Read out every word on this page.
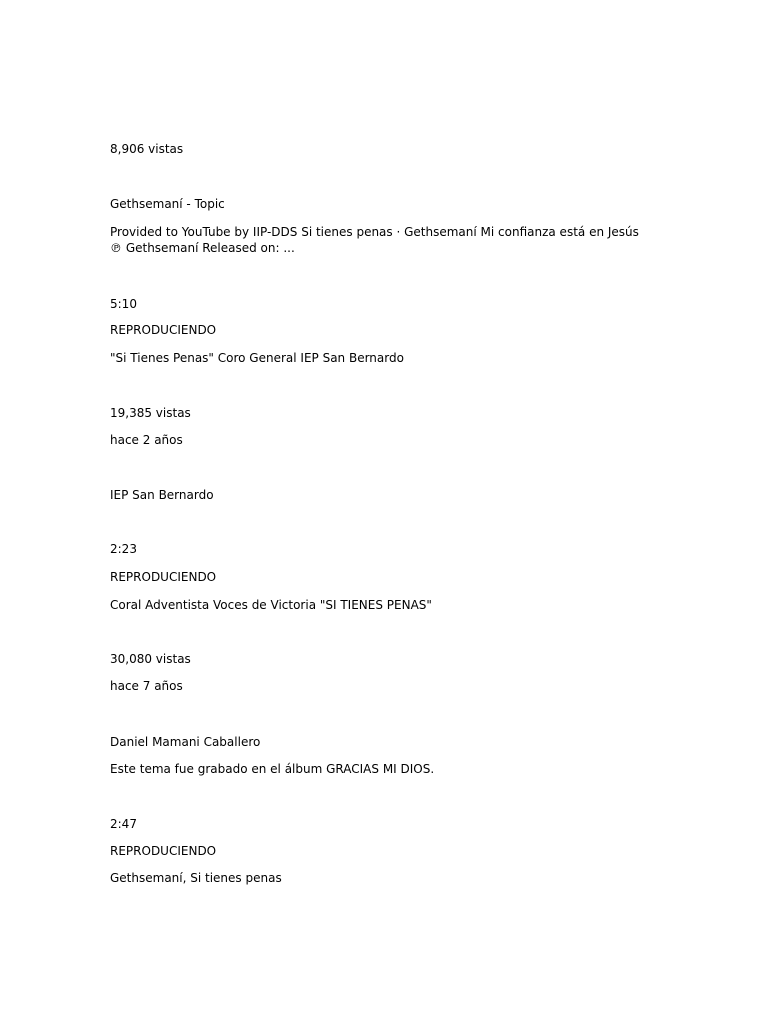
8,906 vistas
Gethsemaní - Topic
Provided to YouTube by IIP-DDS Si tienes penas · Gethsemaní Mi confianza está en Jesús ℗ Gethsemaní Released on: ...
5:10
REPRODUCIENDO
"Si Tienes Penas" Coro General IEP San Bernardo
19,385 vistas
hace 2 años
IEP San Bernardo
2:23
REPRODUCIENDO
Coral Adventista Voces de Victoria "SI TIENES PENAS"
30,080 vistas
hace 7 años
Daniel Mamani Caballero
Este tema fue grabado en el álbum GRACIAS MI DIOS.
2:47
REPRODUCIENDO
Gethsemaní, Si tienes penas
